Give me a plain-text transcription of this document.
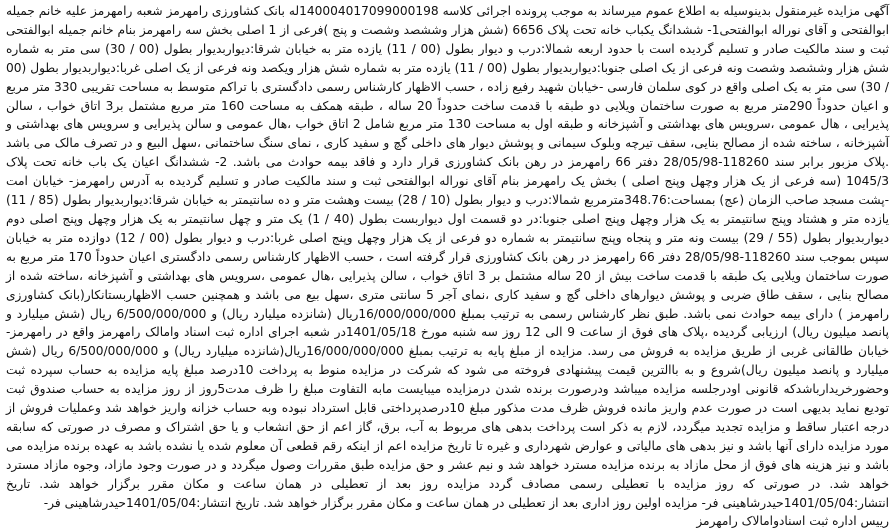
آگهی مزایده غیرمنقول بدینوسیله به اطلاع عموم میرساند به موجب پرونده اجرائی کلاسه 140004017099000198له بانک کشاورزی رامهرمز شعبه رامهرمز علیه خانم جمیله ابوالفتحی و آقای نوراله ابوالفتحی1- ششدانگ یکباب خانه تحت پلاک 6656 (شش هزار وششصد وشصت و پنج )فرعی از 1 اصلی بخش سه رامهرمز بنام خانم جمیله ابوالفتحی ثبت و سند مالکیت صادر و تسلیم گردیده است با حدود اربعه شمالا:درب و دیوار بطول (00 / 11) یازده متر به خیابان شرقا:دیواربدیوار بطول (00 / 30) سی متر به شماره شش هزار وششصد وشصت ونه فرعی از یک اصلی جنوبا:دیواربدیوار بطول (00 / 11) یازده متر به شماره شش هزار ویکصد ونه فرعی از یک اصلی غربا:دیواربدیوار بطول (00 / 30) سی متر به یک اصلی واقع در کوی سلمان فارسی -خیابان شهید رفیع زاده ، حسب الاظهار کارشناس رسمی دادگستری با تراکم متوسط به مساحت تقریبی 330 متر مربع و اعیان حدوداً 290متر مربع به صورت ساختمان ویلایی دو طبقه با قدمت ساخت حدوداً 20 ساله ، طبقه همکف به مساحت 160 متر مربع مشتمل بر3 اتاق خواب ، سالن پذیرایی ، هال عمومی ،سرویس های بهداشتی و آشپزخانه و طبقه اول به مساحت 130 متر مربع شامل 2 اتاق خواب ،هال عمومی و سالن پذیرایی و سرویس های بهداشتی و آشپزخانه ، ساخته شده از مصالح بنایی، سقف تیرچه وبلوک سیمانی و پوشش دیوار های داخلی گچ و سفید کاری ، نمای سنگ ساختمانی ،سهل البیع و در تصرف مالک می باشد .پلاک مزبور برابر سند 118260-28/05/98 دفتر 66 رامهرمز در رهن بانک کشاورزی قرار دارد و فاقد بیمه حوادث می باشد. 2- ششدانگ اعیان یک باب خانه تحت پلاک 1045/3 (سه فرعی از یک هزار وچهل وپنج اصلی ) بخش یک رامهرمز بنام آقای نوراله ابوالفتحی ثبت و سند مالکیت صادر و تسلیم گردیده به آدرس رامهرمز- خیابان امت -پشت مسجد صاحب الزمان (عج) بمساحت:348.76مترمربع شمالا:درب و دیوار بطول (10 / 28) بیست وهشت متر و ده سانتیمتر به خیابان شرقا:دیواربدیوار بطول (85 / 11) یازده متر و هشتاد وپنج سانتیمتر به یک هزار وچهل وپنج اصلی جنوبا:در دو قسمت اول دیواربست بطول (40 / 1) یک متر و چهل سانتیمتر به یک هزار وچهل وپنج اصلی دوم دیواربدیوار بطول (55 / 29) بیست ونه متر و پنجاه وپنج سانتیمتر به شماره دو فرعی از یک هزار وچهل وپنج اصلی غربا:درب و دیوار بطول (00 / 12) دوازده متر به خیابان سپس بموجب سند 118260-28/05/98 دفتر 66 رامهرمز در رهن بانک کشاورزی قرار گرفته است ، حسب الاظهار کارشناس رسمی دادگستری اعیان حدوداً 170 متر مربع به صورت ساختمان ویلایی یک طبقه با قدمت ساخت بیش از 20 ساله مشتمل بر 3 اتاق خواب ، سالن پذیرایی ،هال عمومی ،سرویس های بهداشتی و آشپزخانه ،ساخته شده از مصالح بنایی ، سقف طاق ضربی و پوشش دیوارهای داخلی گچ و سفید کاری ،نمای آجر 5 سانتی متری ،سهل بیع می باشد و همچنین حسب الاظهاربستانکار(بانک کشاورزی رامهرمز ) دارای بیمه حوادث نمی باشد. طبق نظر کارشناس رسمی به ترتیب بمبلغ 16/000/000/000ریال (شانزده میلیارد ریال) و 6/500/000/000 ریال (شش میلیارد و پانصد میلیون ریال) ارزیابی گردیده ،پلاک های فوق از ساعت 9 الی 12 روز سه شنبه مورخ 1401/05/18در شعبه اجرای اداره ثبت اسناد وامالک رامهرمز واقع در رامهرمز-خیابان طالقانی غربی از طریق مزایده به فروش می رسد. مزایده از مبلغ پایه به ترتیب بمبلغ 16/000/000/000ریال(شانزده میلیارد ریال) و 6/500/000/000 ریال (شش میلیارد و پانصد میلیون ریال)شروع و به باالترین قیمت پیشنهادی فروخته می شود که شرکت در مزایده منوط به پرداخت 10درصد مبلغ پایه مزایده به حساب سپرده ثبت وحضورخریدارباشدکه قانونی اودرجلسه مزایده میباشد ودرصورت برنده شدن درمزایده میبایست مابه التفاوت مبلغ را ظرف مدت5روز از روز مزایده به حساب صندوق ثبت تودیع نماید بدیهی است در صورت عدم واریز مانده فروش ظرف مدت مذکور مبلغ 10درصدپرداختی قابل استرداد نبوده وبه حساب خزانه واریز خواهد شد وعملیات فروش از درجه اعتبار ساقط و مزایده تجدید میگردد، لازم به ذکر است پرداخت بدهی های مربوط به آب، برق، گاز اعم از حق انشعاب و یا حق اشتراک و مصرف در صورتی که سابقه مورد مزایده دارای آنها باشد و نیز بدهی های مالیاتی و عوارض شهرداری و غیره تا تاریخ مزایده اعم از اینکه رقم قطعی آن معلوم شده یا نشده باشد به عهده برنده مزایده می باشد و نیز هزینه های فوق از محل مازاد به برنده مزایده مسترد خواهد شد و نیم عشر و حق مزایده طبق مقررات وصول میگردد و در صورت وجود مازاد، وجوه مازاد مسترد خواهد شد. در صورتی که روز مزایده با تعطیلی رسمی مصادف گردد مزایده روز بعد از تعطیلی در همان ساعت و مکان مقرر برگزار خواهد شد. تاریخ انتشار:1401/05/04حیدرشاهینی فر- مزایده اولین روز اداری بعد از تعطیلی در همان ساعت و مکان مقرر برگزار خواهد شد. تاریخ انتشار:1401/05/04حیدرشاهینی فر-

رییس اداره ثبت اسنادوامالاک رامهرمز
